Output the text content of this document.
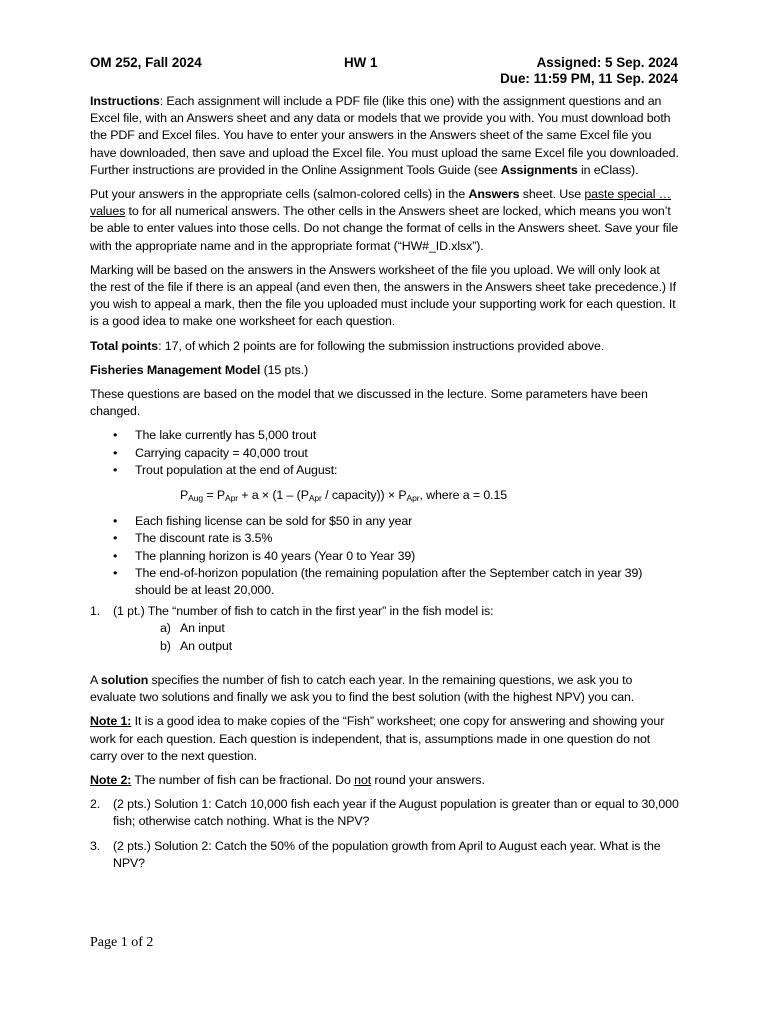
OM 252, Fall 2024	HW 1	Assigned: 5 Sep. 2024
Due: 11:59 PM, 11 Sep. 2024

Instructions: Each assignment will include a PDF file (like this one) with the assignment questions and an Excel file, with an Answers sheet and any data or models that we provide you with. You must download both the PDF and Excel files. You have to enter your answers in the Answers sheet of the same Excel file you have downloaded, then save and upload the Excel file. You must upload the same Excel file you downloaded. Further instructions are provided in the Online Assignment Tools Guide (see Assignments in eClass).

Put your answers in the appropriate cells (salmon-colored cells) in the Answers sheet. Use paste special … values to for all numerical answers. The other cells in the Answers sheet are locked, which means you won’t be able to enter values into those cells. Do not change the format of cells in the Answers sheet. Save your file with the appropriate name and in the appropriate format (“HW#_ID.xlsx”).

Marking will be based on the answers in the Answers worksheet of the file you upload. We will only look at the rest of the file if there is an appeal (and even then, the answers in the Answers sheet take precedence.) If you wish to appeal a mark, then the file you uploaded must include your supporting work for each question. It is a good idea to make one worksheet for each question.

Total points: 17, of which 2 points are for following the submission instructions provided above.

Fisheries Management Model (15 pts.)

These questions are based on the model that we discussed in the lecture. Some parameters have been changed.

• The lake currently has 5,000 trout
• Carrying capacity = 40,000 trout
• Trout population at the end of August:
$P_{Aug} = P_{Apr} + a \times (1 - (P_{Apr}$ / capacity)) × $P_{Apr}$, where a = 0.15
• Each fishing license can be sold for $50 in any year
• The discount rate is 3.5%
• The planning horizon is 40 years (Year 0 to Year 39)
• The end-of-horizon population (the remaining population after the September catch in year 39) should be at least 20,000.
1.	(1 pt.) The “number of fish to catch in the first year” in the fish model is:
a) An input
b) An output

A solution specifies the number of fish to catch each year. In the remaining questions, we ask you to evaluate two solutions and finally we ask you to find the best solution (with the highest NPV) you can.

Note 1: It is a good idea to make copies of the “Fish” worksheet; one copy for answering and showing your work for each question. Each question is independent, that is, assumptions made in one question do not carry over to the next question.

Note 2: The number of fish can be fractional. Do not round your answers.

2.	(2 pts.) Solution 1: Catch 10,000 fish each year if the August population is greater than or equal to 30,000 fish; otherwise catch nothing. What is the NPV?
3.	(2 pts.) Solution 2: Catch the 50% of the population growth from April to August each year. What is the NPV?
Page 1 of 2
